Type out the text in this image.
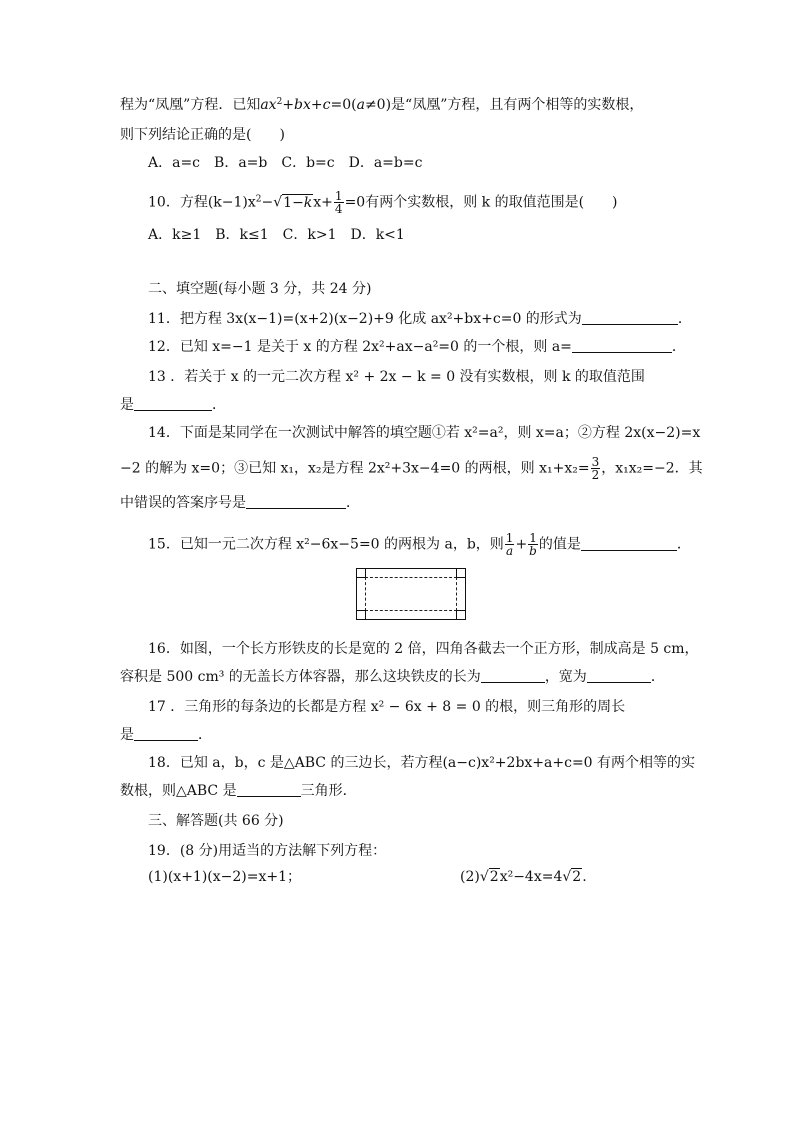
程为“凤凰”方程．已知$ax^2+bx+c=0(a\ne 0)$是“凤凰”方程，且有两个相等的实数根，
则下列结论正确的是(　　)
A．a=c　B．a=b　C．b=c　D．a=b=c
10．方程$(k-1)x^2-√1-kx+ \frac{1}{4} =0$有两个实数根，则 k 的取值范围是(　　)
A．k≥1　B．k≤1　C．k>1　D．k<1
二、填空题(每小题 3 分，共 24 分)
11．把方程 3x(x−1)=(x+2)(x−2)+9 化成 ax²+bx+c=0 的形式为	．
12．已知 x=−1 是关于 x 的方程 2x²+ax−a²=0 的一个根，则 a=	．
13 ．若关于 x 的一元二次方程 x² + 2x − k = 0 没有实数根，则 k 的取值范围
是	．
14．下面是某同学在一次测试中解答的填空题①若 x²=a²，则 x=a；②方程 2x(x−2)=x
−2 的解为 x=0；③已知 x₁，x₂是方程 2x²+3x−4=0 的两根，则 $x_1+x_2= \frac{3}{2}$ ，x₁x₂=−2．其
中错误的答案序号是	．
15．已知一元二次方程 x²−6x−5=0 的两根为 a，b，则 $\frac{1}{a} + \frac{1}{b}$ 的值是	．
16．如图，一个长方形铁皮的长是宽的 2 倍，四角各截去一个正方形，制成高是 5 cm，
容积是 500 cm³ 的无盖长方体容器，那么这块铁皮的长为	，宽为	．
17 ．三角形的每条边的长都是方程 x² − 6x + 8 = 0 的根，则三角形的周长
是	．
18．已知 a，b，c 是△ABC 的三边长，若方程(a−c)x²+2bx+a+c=0 有两个相等的实
数根，则△ABC 是	三角形．
三、解答题(共 66 分)
19．(8 分)用适当的方法解下列方程：
(1)(x+1)(x−2)=x+1；	(2)√2x²−4x=4√2.
